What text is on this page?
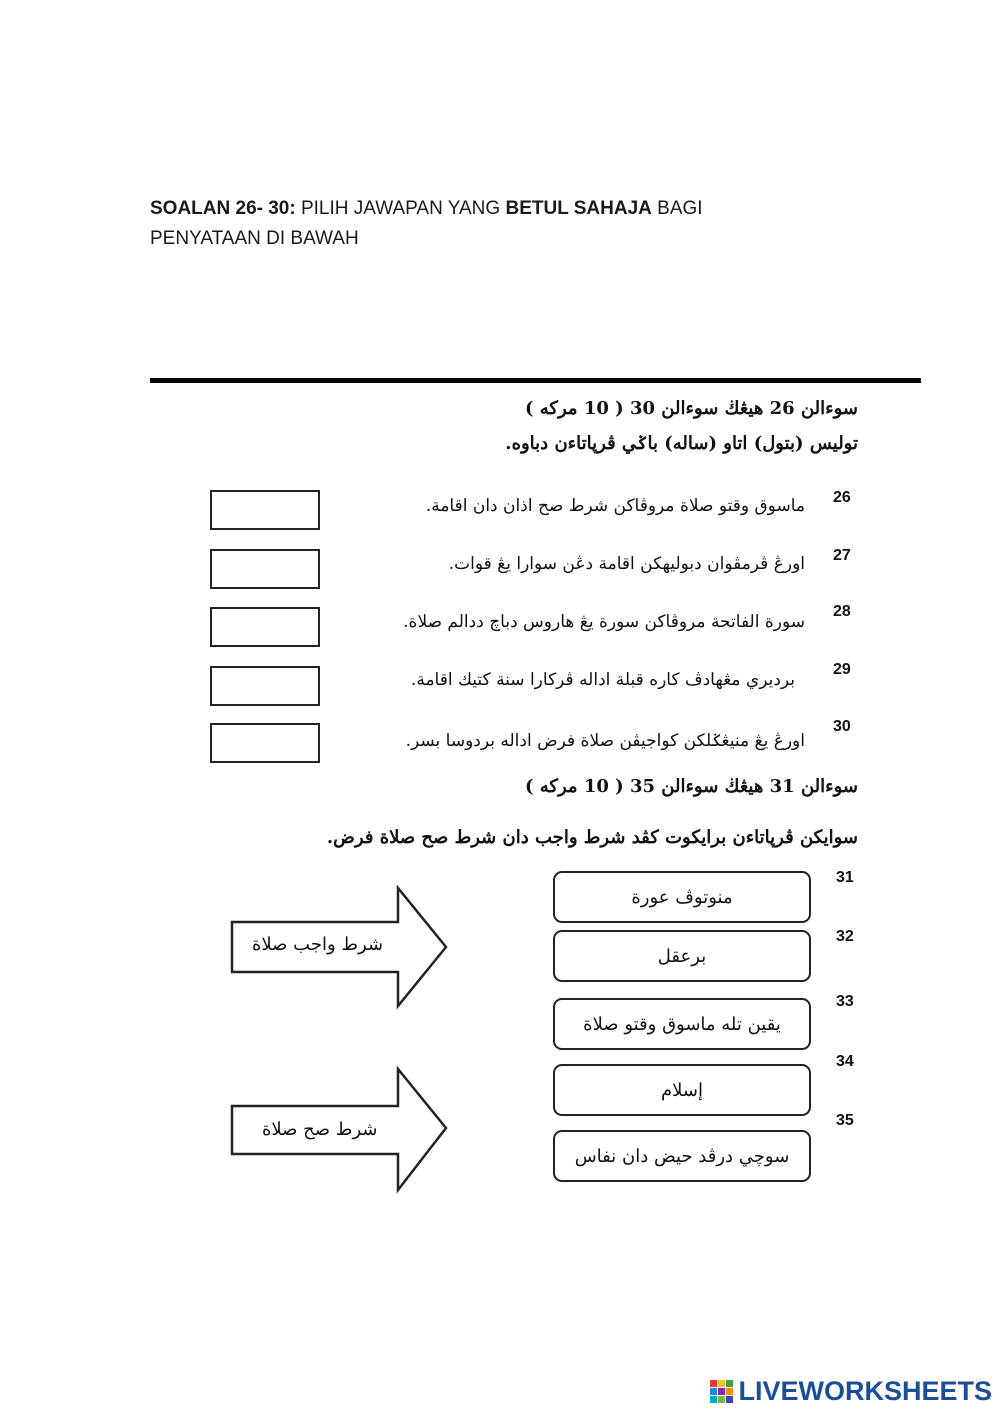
SOALAN 26- 30: PILIH JAWAPAN YANG BETUL SAHAJA BAGI
PENYATAAN DI BAWAH
سوءالن 26 هيڠڬ سوءالن 30 ( 10 مركه )
توليس (بتول) اتاو (ساله) باݢي ڤرڽاتاءن دباوه.
26
ماسوق وقتو صلاة مروڤاكن شرط صح اذان دان اقامة.
27
اورڠ ڤرمڤوان دبوليهكن اقامة دڠن سوارا يڠ قوات.
28
سورة الفاتحة مروڤاكن سورة يڠ هاروس دباچ ددالم صلاة.
29
بردیري مڠهادڤ كاره قبلة اداله ڤركارا سنة كتيك اقامة.
30
اورڠ يڠ منيڠݢلكن كواجيڤن صلاة فرض اداله بردوسا بسر.
سوءالن 31 هيڠڬ سوءالن 35 ( 10 مركه )
سوايكن ڤرڽاتاءن برايكوت كڤد شرط واجب دان شرط صح صلاة فرض.
شرط واجب صلاة
شرط صح صلاة
31
منوتوڤ عورة
32
برعقل
33
يقين تله ماسوق وقتو صلاة
34
إسلام
35
سوچي درڤد حيض دان نفاس
LIVEWORKSHEETS
